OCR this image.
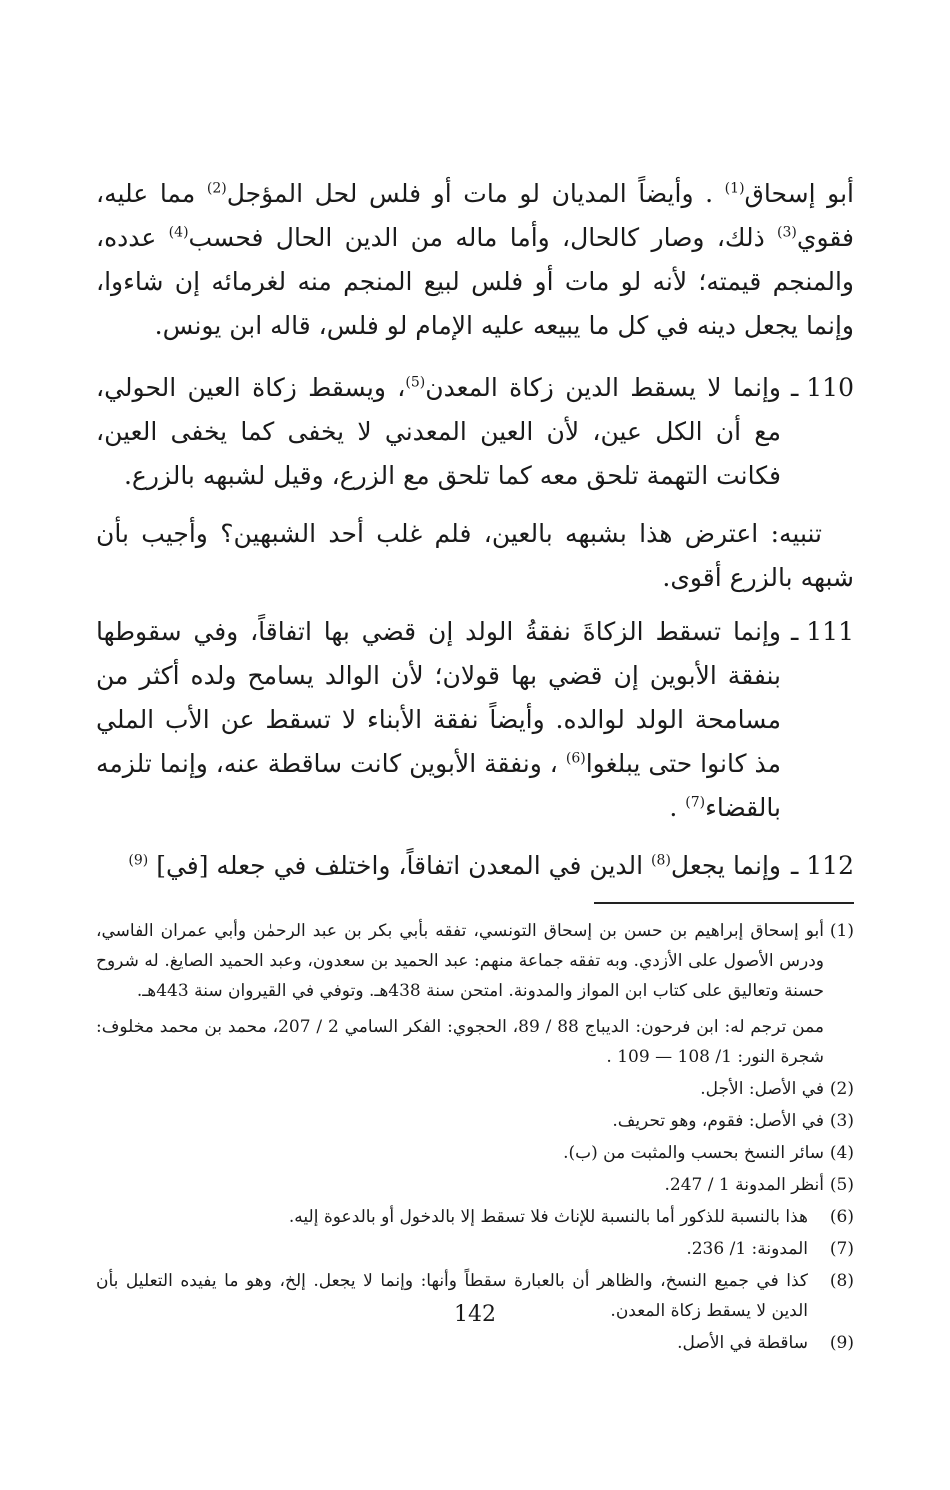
أبو إسحاق$^{(1)}$ . وأيضاً المديان لو مات أو فلس لحل المؤجل$^{(2)}$ مما عليه، فقوي$^{(3)}$ ذلك، وصار كالحال، وأما ماله من الدين الحال فحسب$^{(4)}$ عدده، والمنجم قيمته؛ لأنه لو مات أو فلس لبيع المنجم منه لغرمائه إن شاءوا، وإنما يجعل دينه في كل ما يبيعه عليه الإمام لو فلس، قاله ابن يونس.

110 ـ
وإنما لا يسقط الدين زكاة المعدن$^{(5)}$، ويسقط زكاة العين الحولي، مع أن الكل عين، لأن العين المعدني لا يخفى كما يخفى العين، فكانت التهمة تلحق معه كما تلحق مع الزرع، وقيل لشبهه بالزرع.
تنبيه: اعترض هذا بشبهه بالعين، فلم غلب أحد الشبهين؟ وأجيب بأن شبهه بالزرع أقوى.
111 ـ
وإنما تسقط الزكاةَ نفقةُ الولد إن قضي بها اتفاقاً، وفي سقوطها بنفقة الأبوين إن قضي بها قولان؛ لأن الوالد يسامح ولده أكثر من مسامحة الولد لوالده. وأيضاً نفقة الأبناء لا تسقط عن الأب الملي مذ كانوا حتى يبلغوا$^{(6)}$ ، ونفقة الأبوين كانت ساقطة عنه، وإنما تلزمه بالقضاء$^{(7)}$ .
112 ـ
وإنما يجعل$^{(8)}$ الدين في المعدن اتفاقاً، واختلف في جعله [في] $^{(9)}$
(1)
أبو إسحاق إبراهيم بن حسن بن إسحاق التونسي، تفقه بأبي بكر بن عبد الرحمٰن وأبي عمران الفاسي، ودرس الأصول على الأزدي. وبه تفقه جماعة منهم: عبد الحميد بن سعدون، وعبد الحميد الصايغ. له شروح حسنة وتعاليق على كتاب ابن المواز والمدونة. امتحن سنة 438هـ. وتوفي في القيروان سنة 443هـ.
ممن ترجم له: ابن فرحون: الديباج 88 / 89، الحجوي: الفكر السامي 2 / 207، محمد بن محمد مخلوف: شجرة النور: 1/ 108 — 109 .
(2)
في الأصل: الأجل.
(3)
في الأصل: فقوم، وهو تحريف.
(4)
سائر النسخ بحسب والمثبت من (ب).
(5)
أنظر المدونة 1 / 247.
(6)
هذا بالنسبة للذكور أما بالنسبة للإناث فلا تسقط إلا بالدخول أو بالدعوة إليه.
(7)
المدونة: 1/ 236.
(8)
كذا في جميع النسخ، والظاهر أن بالعبارة سقطاً وأنها: وإنما لا يجعل. إلخ، وهو ما يفيده التعليل بأن الدين لا يسقط زكاة المعدن.
(9)
ساقطة في الأصل.
142
